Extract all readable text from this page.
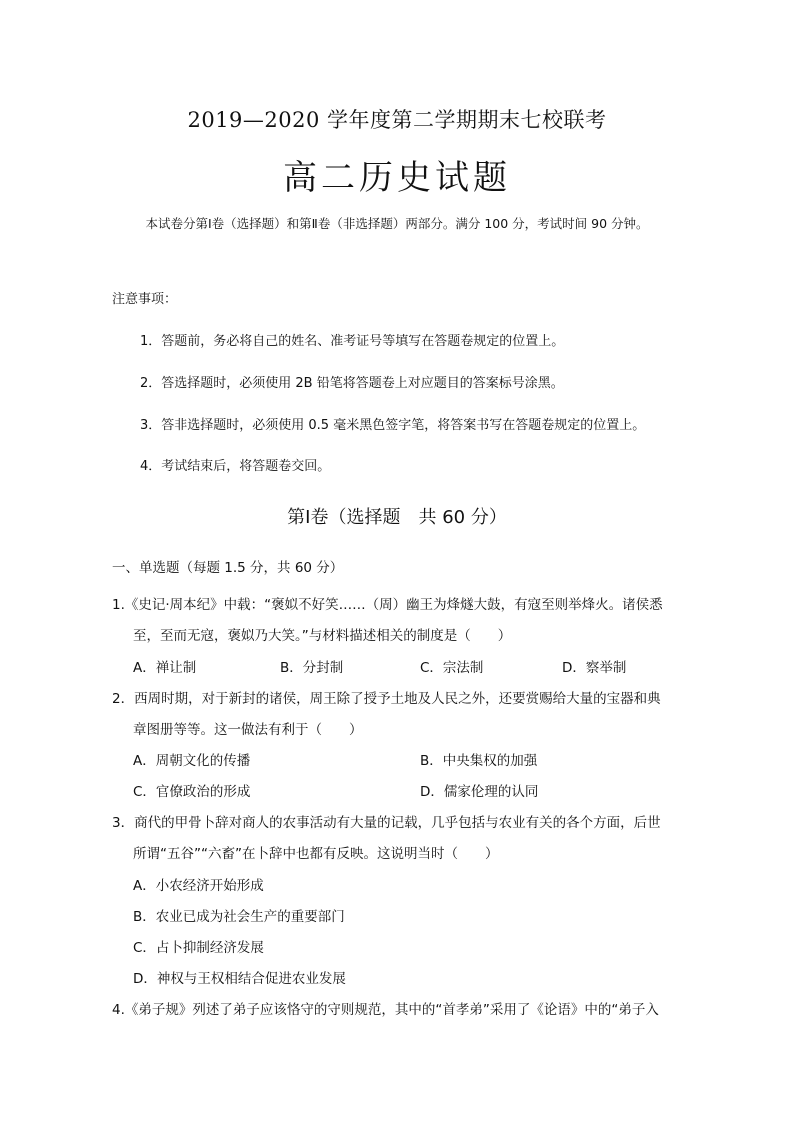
2019—2020 学年度第二学期期末七校联考
高二历史试题
本试卷分第Ⅰ卷（选择题）和第Ⅱ卷（非选择题）两部分。满分 100 分，考试时间 90 分钟。
注意事项：
1．答题前，务必将自己的姓名、准考证号等填写在答题卷规定的位置上。
2．答选择题时，必须使用 2B 铅笔将答题卷上对应题目的答案标号涂黑。
3．答非选择题时，必须使用 0.5 毫米黑色签字笔，将答案书写在答题卷规定的位置上。
4．考试结束后，将答题卷交回。
第Ⅰ卷（选择题　共 60 分）
一、单选题（每题 1.5 分，共 60 分）
1.《史记·周本纪》中载：“褒姒不好笑……（周）幽王为烽燧大鼓，有寇至则举烽火。诸侯悉
至，至而无寇，褒姒乃大笑。”与材料描述相关的制度是（　　）
A．禅让制	B．分封制	C．宗法制	D．察举制
2．西周时期，对于新封的诸侯，周王除了授予土地及人民之外，还要赏赐给大量的宝器和典
章图册等等。这一做法有利于（　　）
A．周朝文化的传播	B．中央集权的加强
C．官僚政治的形成	D．儒家伦理的认同
3．商代的甲骨卜辞对商人的农事活动有大量的记载，几乎包括与农业有关的各个方面，后世
所谓“五谷”“六畜”在卜辞中也都有反映。这说明当时（　　）
A．小农经济开始形成
B．农业已成为社会生产的重要部门
C．占卜抑制经济发展
D．神权与王权相结合促进农业发展
4.《弟子规》列述了弟子应该恪守的守则规范，其中的“首孝弟”采用了《论语》中的“弟子入
